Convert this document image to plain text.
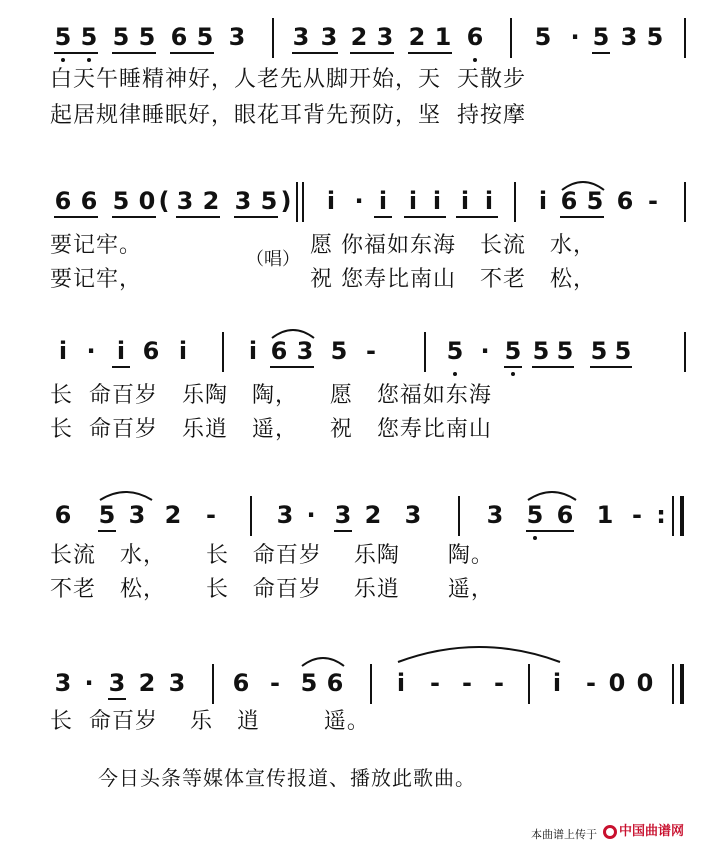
5 5 5 5 6 5 3 3 3 2 3 2 1 6 5 · 5 3 5
白天午睡精神好，人老先从脚开始，天  天散步
起居规律睡眠好，眼花耳背先预防，坚  持按摩
6 6 5 0 ( 3 2 3 5 ) i · i i i i i i 6 5 6 -
要记牢。	愿 你福如东海   长流   水，
要记牢，	祝 您寿比南山   不老   松，
（唱）
i · i 6 i	i 6 3 5 -	5 · 5 5 5 5 5
长  命百岁   乐陶   陶，    愿   您福如东海
长  命百岁   乐逍   遥，    祝   您寿比南山
6 5 3 2 -	3 · 3 2 3	3 5 6 1 - :
长流   水，     长   命百岁    乐陶      陶。
不老   松，     长   命百岁    乐逍      遥，
3 · 3 2 3 6 - 5 6 i - - - i - 0 0
长  命百岁    乐   逍        遥。
今日头条等媒体宣传报道、播放此歌曲。
本曲谱上传于	中国曲谱网
